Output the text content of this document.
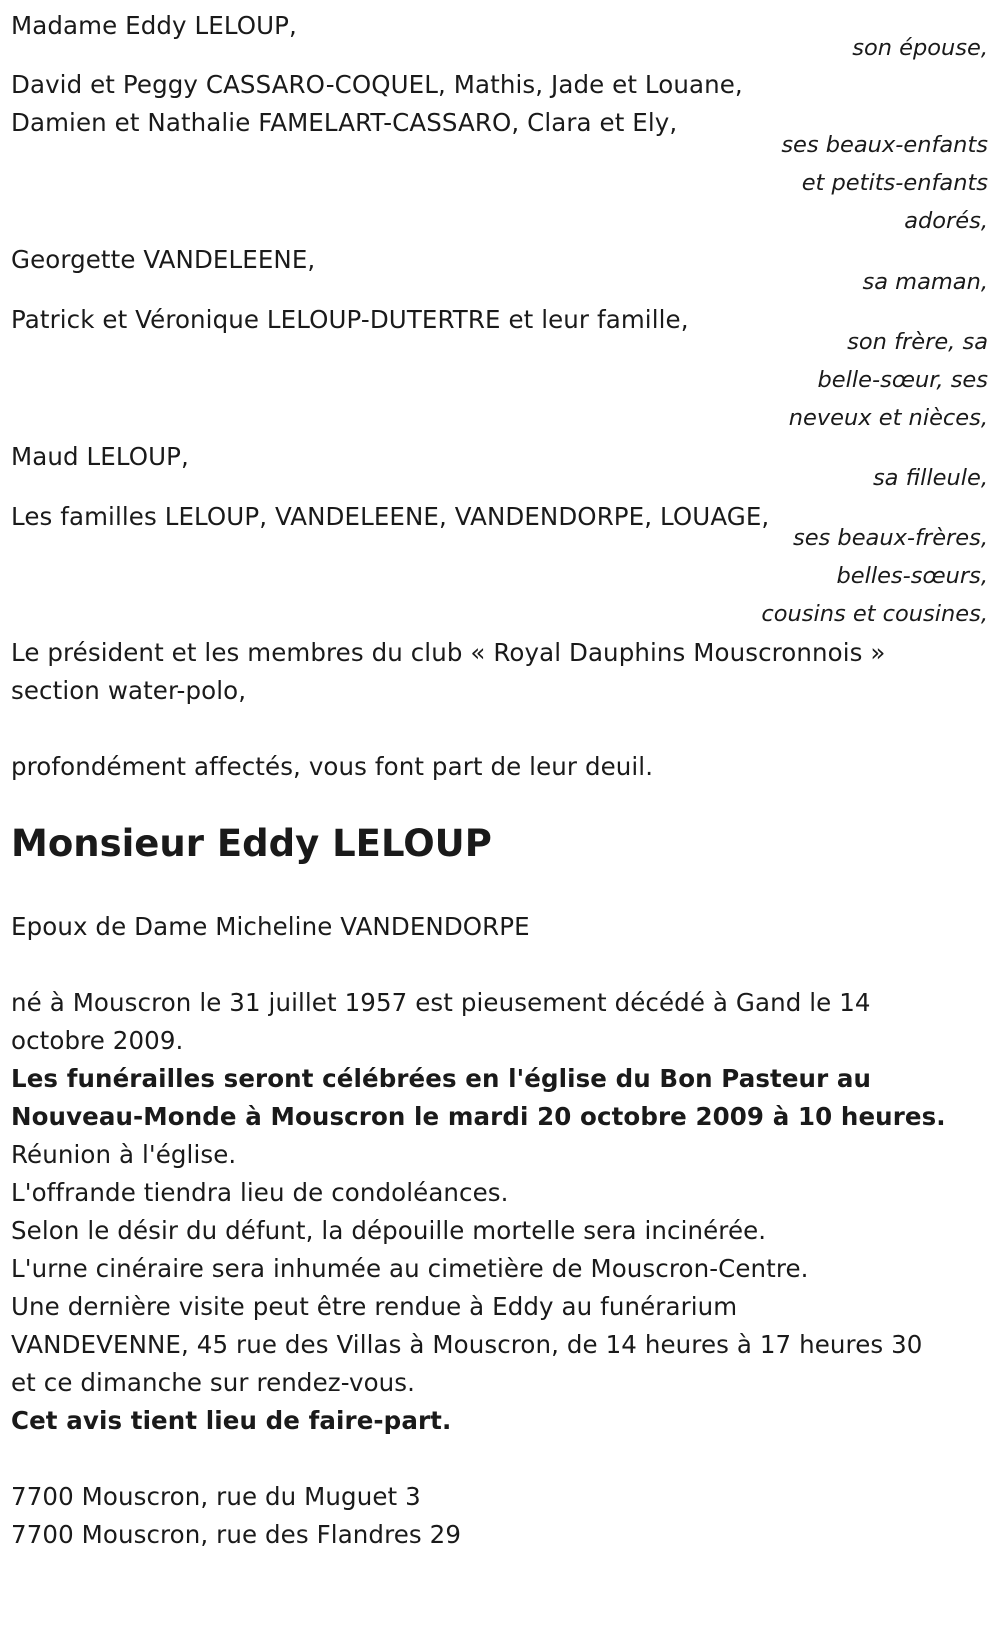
Madame Eddy LELOUP,
son épouse,
David et Peggy CASSARO-COQUEL, Mathis, Jade et Louane,
Damien et Nathalie FAMELART-CASSARO, Clara et Ely,
ses beaux-enfants
et petits-enfants
adorés,
Georgette VANDELEENE,
sa maman,
Patrick et Véronique LELOUP-DUTERTRE et leur famille,
son frère, sa
belle-sœur, ses
neveux et nièces,
Maud LELOUP,
sa filleule,
Les familles LELOUP, VANDELEENE, VANDENDORPE, LOUAGE,
ses beaux-frères,
belles-sœurs,
cousins et cousines,
Le président et les membres du club « Royal Dauphins Mouscronnois »
section water-polo,
profondément affectés, vous font part de leur deuil.
Monsieur Eddy LELOUP
Epoux de Dame Micheline VANDENDORPE
né à Mouscron le 31 juillet 1957 est pieusement décédé à Gand le 14
octobre 2009.
Les funérailles seront célébrées en l'église du Bon Pasteur au
Nouveau-Monde à Mouscron le mardi 20 octobre 2009 à 10 heures.
Réunion à l'église.
L'offrande tiendra lieu de condoléances.
Selon le désir du défunt, la dépouille mortelle sera incinérée.
L'urne cinéraire sera inhumée au cimetière de Mouscron-Centre.
Une dernière visite peut être rendue à Eddy au funérarium
VANDEVENNE, 45 rue des Villas à Mouscron, de 14 heures à 17 heures 30
et ce dimanche sur rendez-vous.
Cet avis tient lieu de faire-part.
7700 Mouscron, rue du Muguet 3
7700 Mouscron, rue des Flandres 29
